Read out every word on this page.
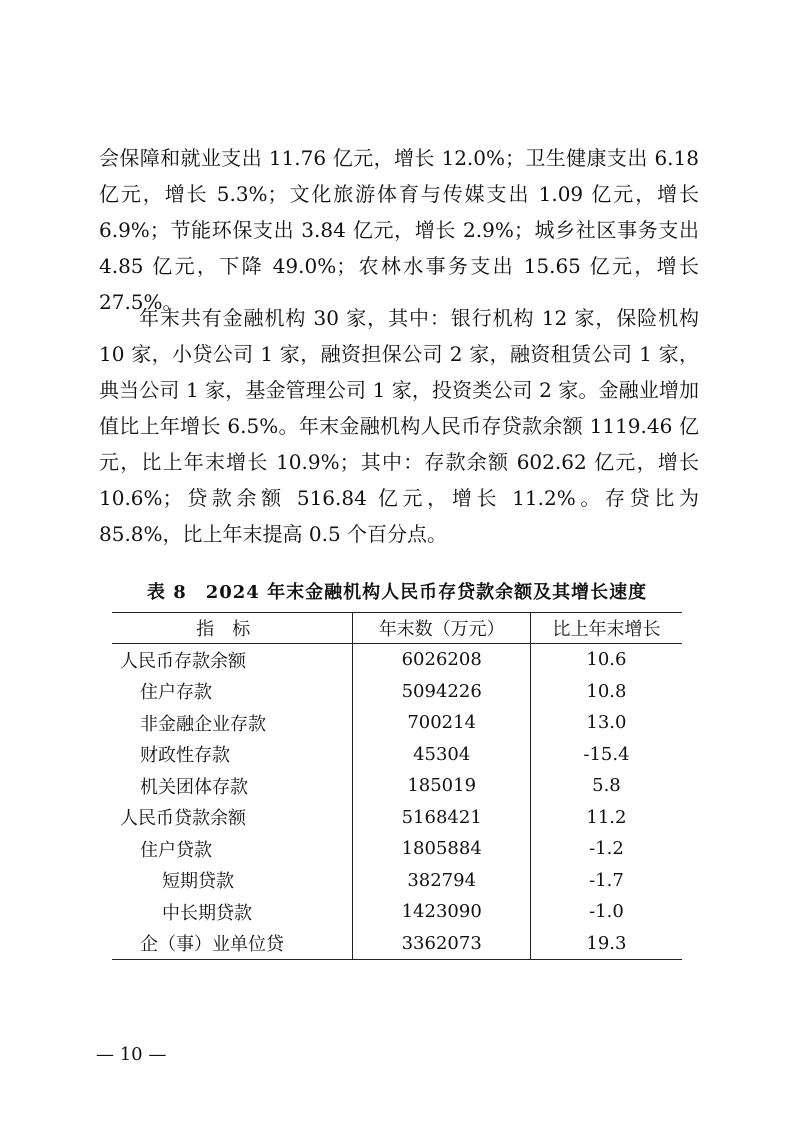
会保障和就业支出 11.76 亿元，增长 12.0%；卫生健康支出 6.18 亿元，增长 5.3%；文化旅游体育与传媒支出 1.09 亿元，增长 6.9%；节能环保支出 3.84 亿元，增长 2.9%；城乡社区事务支出 4.85 亿元，下降 49.0%；农林水事务支出 15.65 亿元，增长 27.5%。

年末共有金融机构 30 家，其中：银行机构 12 家，保险机构 10 家，小贷公司 1 家，融资担保公司 2 家，融资租赁公司 1 家，典当公司 1 家，基金管理公司 1 家，投资类公司 2 家。金融业增加值比上年增长 6.5%。年末金融机构人民币存贷款余额 1119.46 亿元，比上年末增长 10.9%；其中：存款余额 602.62 亿元，增长 10.6%；贷款余额 516.84 亿元，增长 11.2%。存贷比为 85.8%，比上年末提高 0.5 个百分点。

表 8　2024 年末金融机构人民币存贷款余额及其增长速度
指标	年末数（万元）	比上年末增长
人民币存款余额	6026208	10.6
住户存款	5094226	10.8
非金融企业存款	700214	13.0
财政性存款	45304	-15.4
机关团体存款	185019	5.8
人民币贷款余额	5168421	11.2
住户贷款	1805884	-1.2
短期贷款	382794	-1.7
中长期贷款	1423090	-1.0
企（事）业单位贷	3362073	19.3
— 10 —
